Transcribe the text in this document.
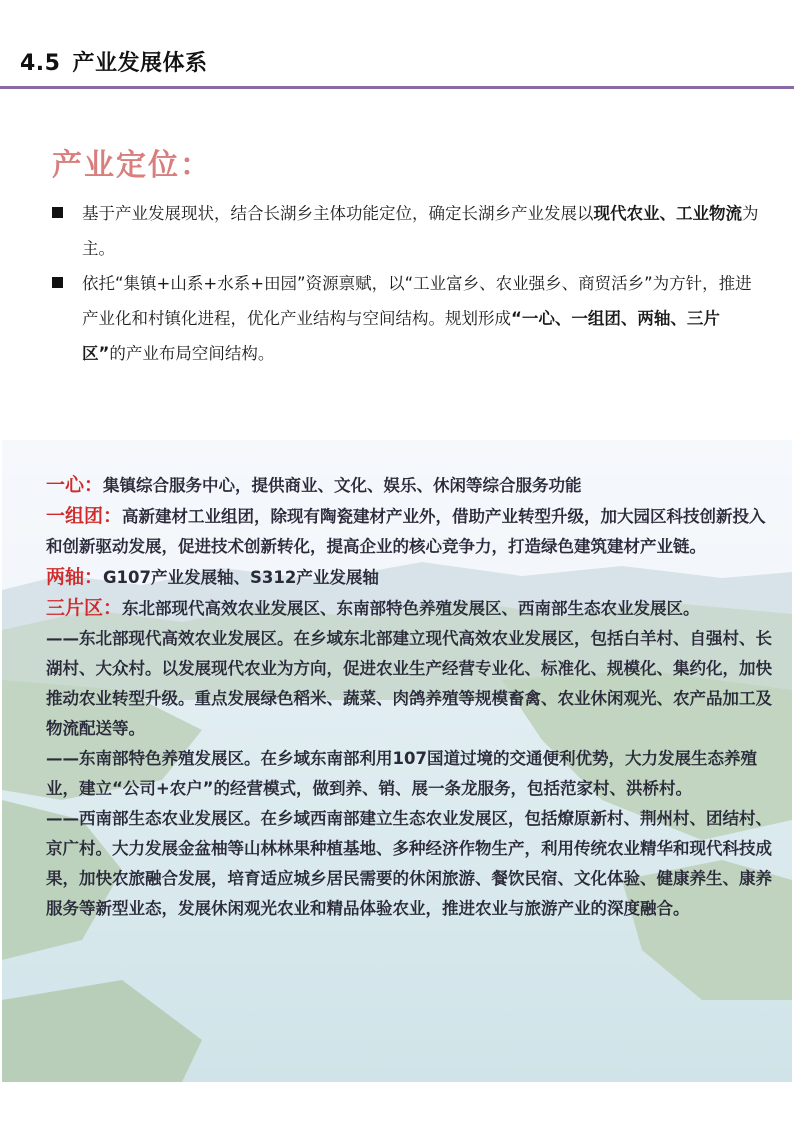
4.5 产业发展体系
产业定位：
基于产业发展现状，结合长湖乡主体功能定位，确定长湖乡产业发展以现代农业、工业物流为主。
依托“集镇+山系+水系+田园”资源禀赋，以“工业富乡、农业强乡、商贸活乡”为方针，推进产业化和村镇化进程，优化产业结构与空间结构。规划形成“一心、一组团、两轴、三片区”的产业布局空间结构。

一心：集镇综合服务中心，提供商业、文化、娱乐、休闲等综合服务功能

一组团：高新建材工业组团，除现有陶瓷建材产业外，借助产业转型升级，加大园区科技创新投入和创新驱动发展，促进技术创新转化，提高企业的核心竞争力，打造绿色建筑建材产业链。

两轴：G107产业发展轴、S312产业发展轴

三片区：东北部现代高效农业发展区、东南部特色养殖发展区、西南部生态农业发展区。

——东北部现代高效农业发展区。在乡域东北部建立现代高效农业发展区，包括白羊村、自强村、长湖村、大众村。以发展现代农业为方向，促进农业生产经营专业化、标准化、规模化、集约化，加快推动农业转型升级。重点发展绿色稻米、蔬菜、肉鸽养殖等规模畜禽、农业休闲观光、农产品加工及物流配送等。

——东南部特色养殖发展区。在乡域东南部利用107国道过境的交通便利优势，大力发展生态养殖业，建立“公司+农户”的经营模式，做到养、销、展一条龙服务，包括范家村、洪桥村。

——西南部生态农业发展区。在乡域西南部建立生态农业发展区，包括燎原新村、荆州村、团结村、京广村。大力发展金盆柚等山林林果种植基地、多种经济作物生产，利用传统农业精华和现代科技成果，加快农旅融合发展，培育适应城乡居民需要的休闲旅游、餐饮民宿、文化体验、健康养生、康养服务等新型业态，发展休闲观光农业和精品体验农业，推进农业与旅游产业的深度融合。
